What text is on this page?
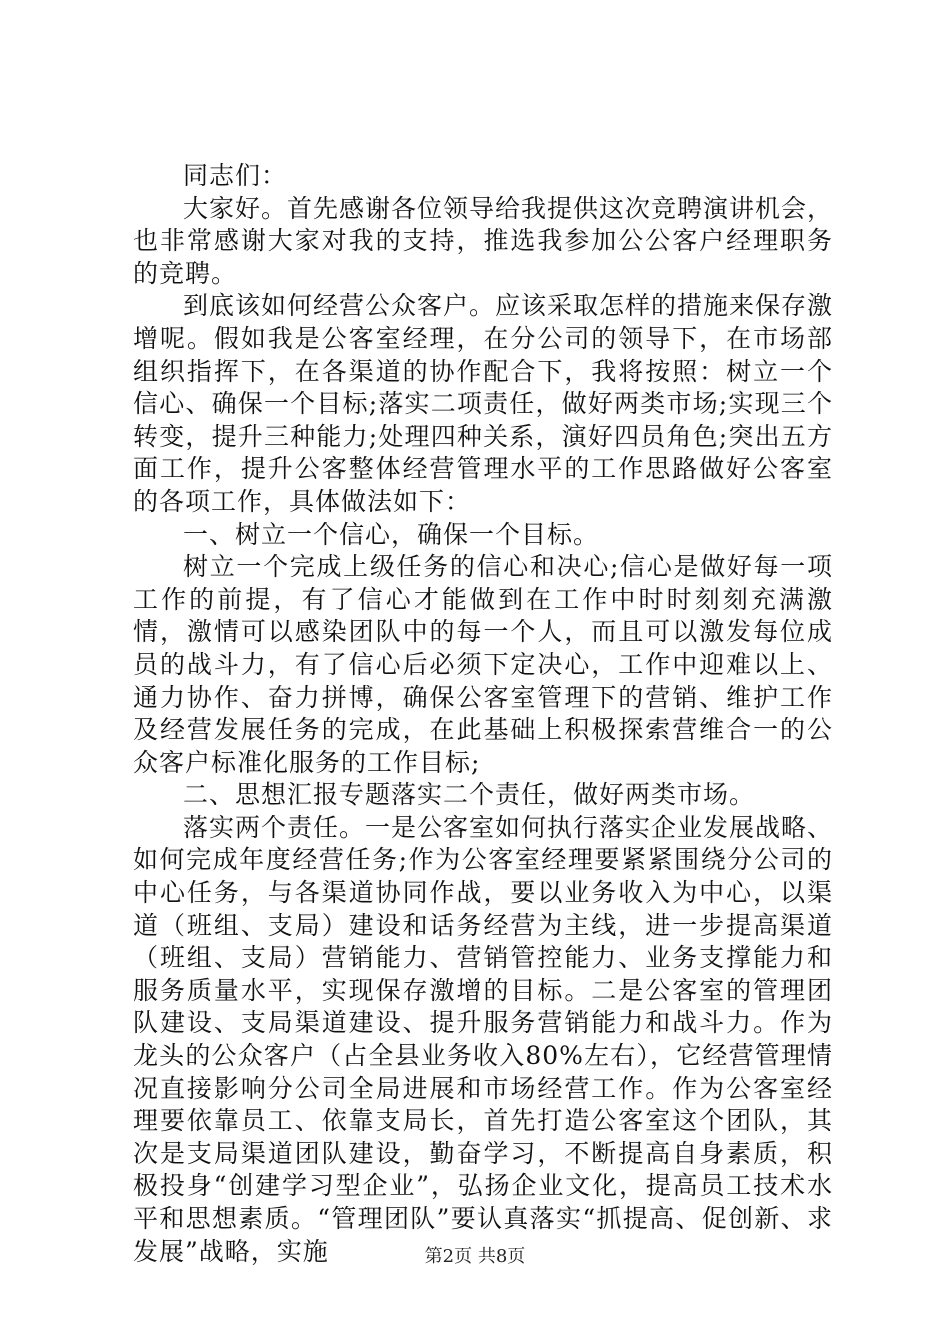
同志们：

大家好。首先感谢各位领导给我提供这次竞聘演讲机会，也非常感谢大家对我的支持，推选我参加公公客户经理职务的竞聘。

到底该如何经营公众客户。应该采取怎样的措施来保存激增呢。假如我是公客室经理，在分公司的领导下，在市场部组织指挥下，在各渠道的协作配合下，我将按照：树立一个信心、确保一个目标;落实二项责任，做好两类市场;实现三个转变，提升三种能力;处理四种关系，演好四员角色;突出五方面工作，提升公客整体经营管理水平的工作思路做好公客室的各项工作，具体做法如下：

一、树立一个信心，确保一个目标。

树立一个完成上级任务的信心和决心;信心是做好每一项工作的前提，有了信心才能做到在工作中时时刻刻充满激情，激情可以感染团队中的每一个人，而且可以激发每位成员的战斗力，有了信心后必须下定决心，工作中迎难以上、通力协作、奋力拼博，确保公客室管理下的营销、维护工作及经营发展任务的完成，在此基础上积极探索营维合一的公众客户标准化服务的工作目标;

二、思想汇报专题落实二个责任，做好两类市场。

落实两个责任。一是公客室如何执行落实企业发展战略、如何完成年度经营任务;作为公客室经理要紧紧围绕分公司的中心任务，与各渠道协同作战，要以业务收入为中心，以渠道（班组、支局）建设和话务经营为主线，进一步提高渠道（班组、支局）营销能力、营销管控能力、业务支撑能力和服务质量水平，实现保存激增的目标。二是公客室的管理团队建设、支局渠道建设、提升服务营销能力和战斗力。作为龙头的公众客户（占全县业务收入80%左右），它经营管理情况直接影响分公司全局进展和市场经营工作。作为公客室经理要依靠员工、依靠支局长，首先打造公客室这个团队，其次是支局渠道团队建设，勤奋学习，不断提高自身素质，积极投身“创建学习型企业”，弘扬企业文化，提高员工技术水平和思想素质。“管理团队”要认真落实“抓提高、促创新、求发展”战略，实施	第2页 共8页
